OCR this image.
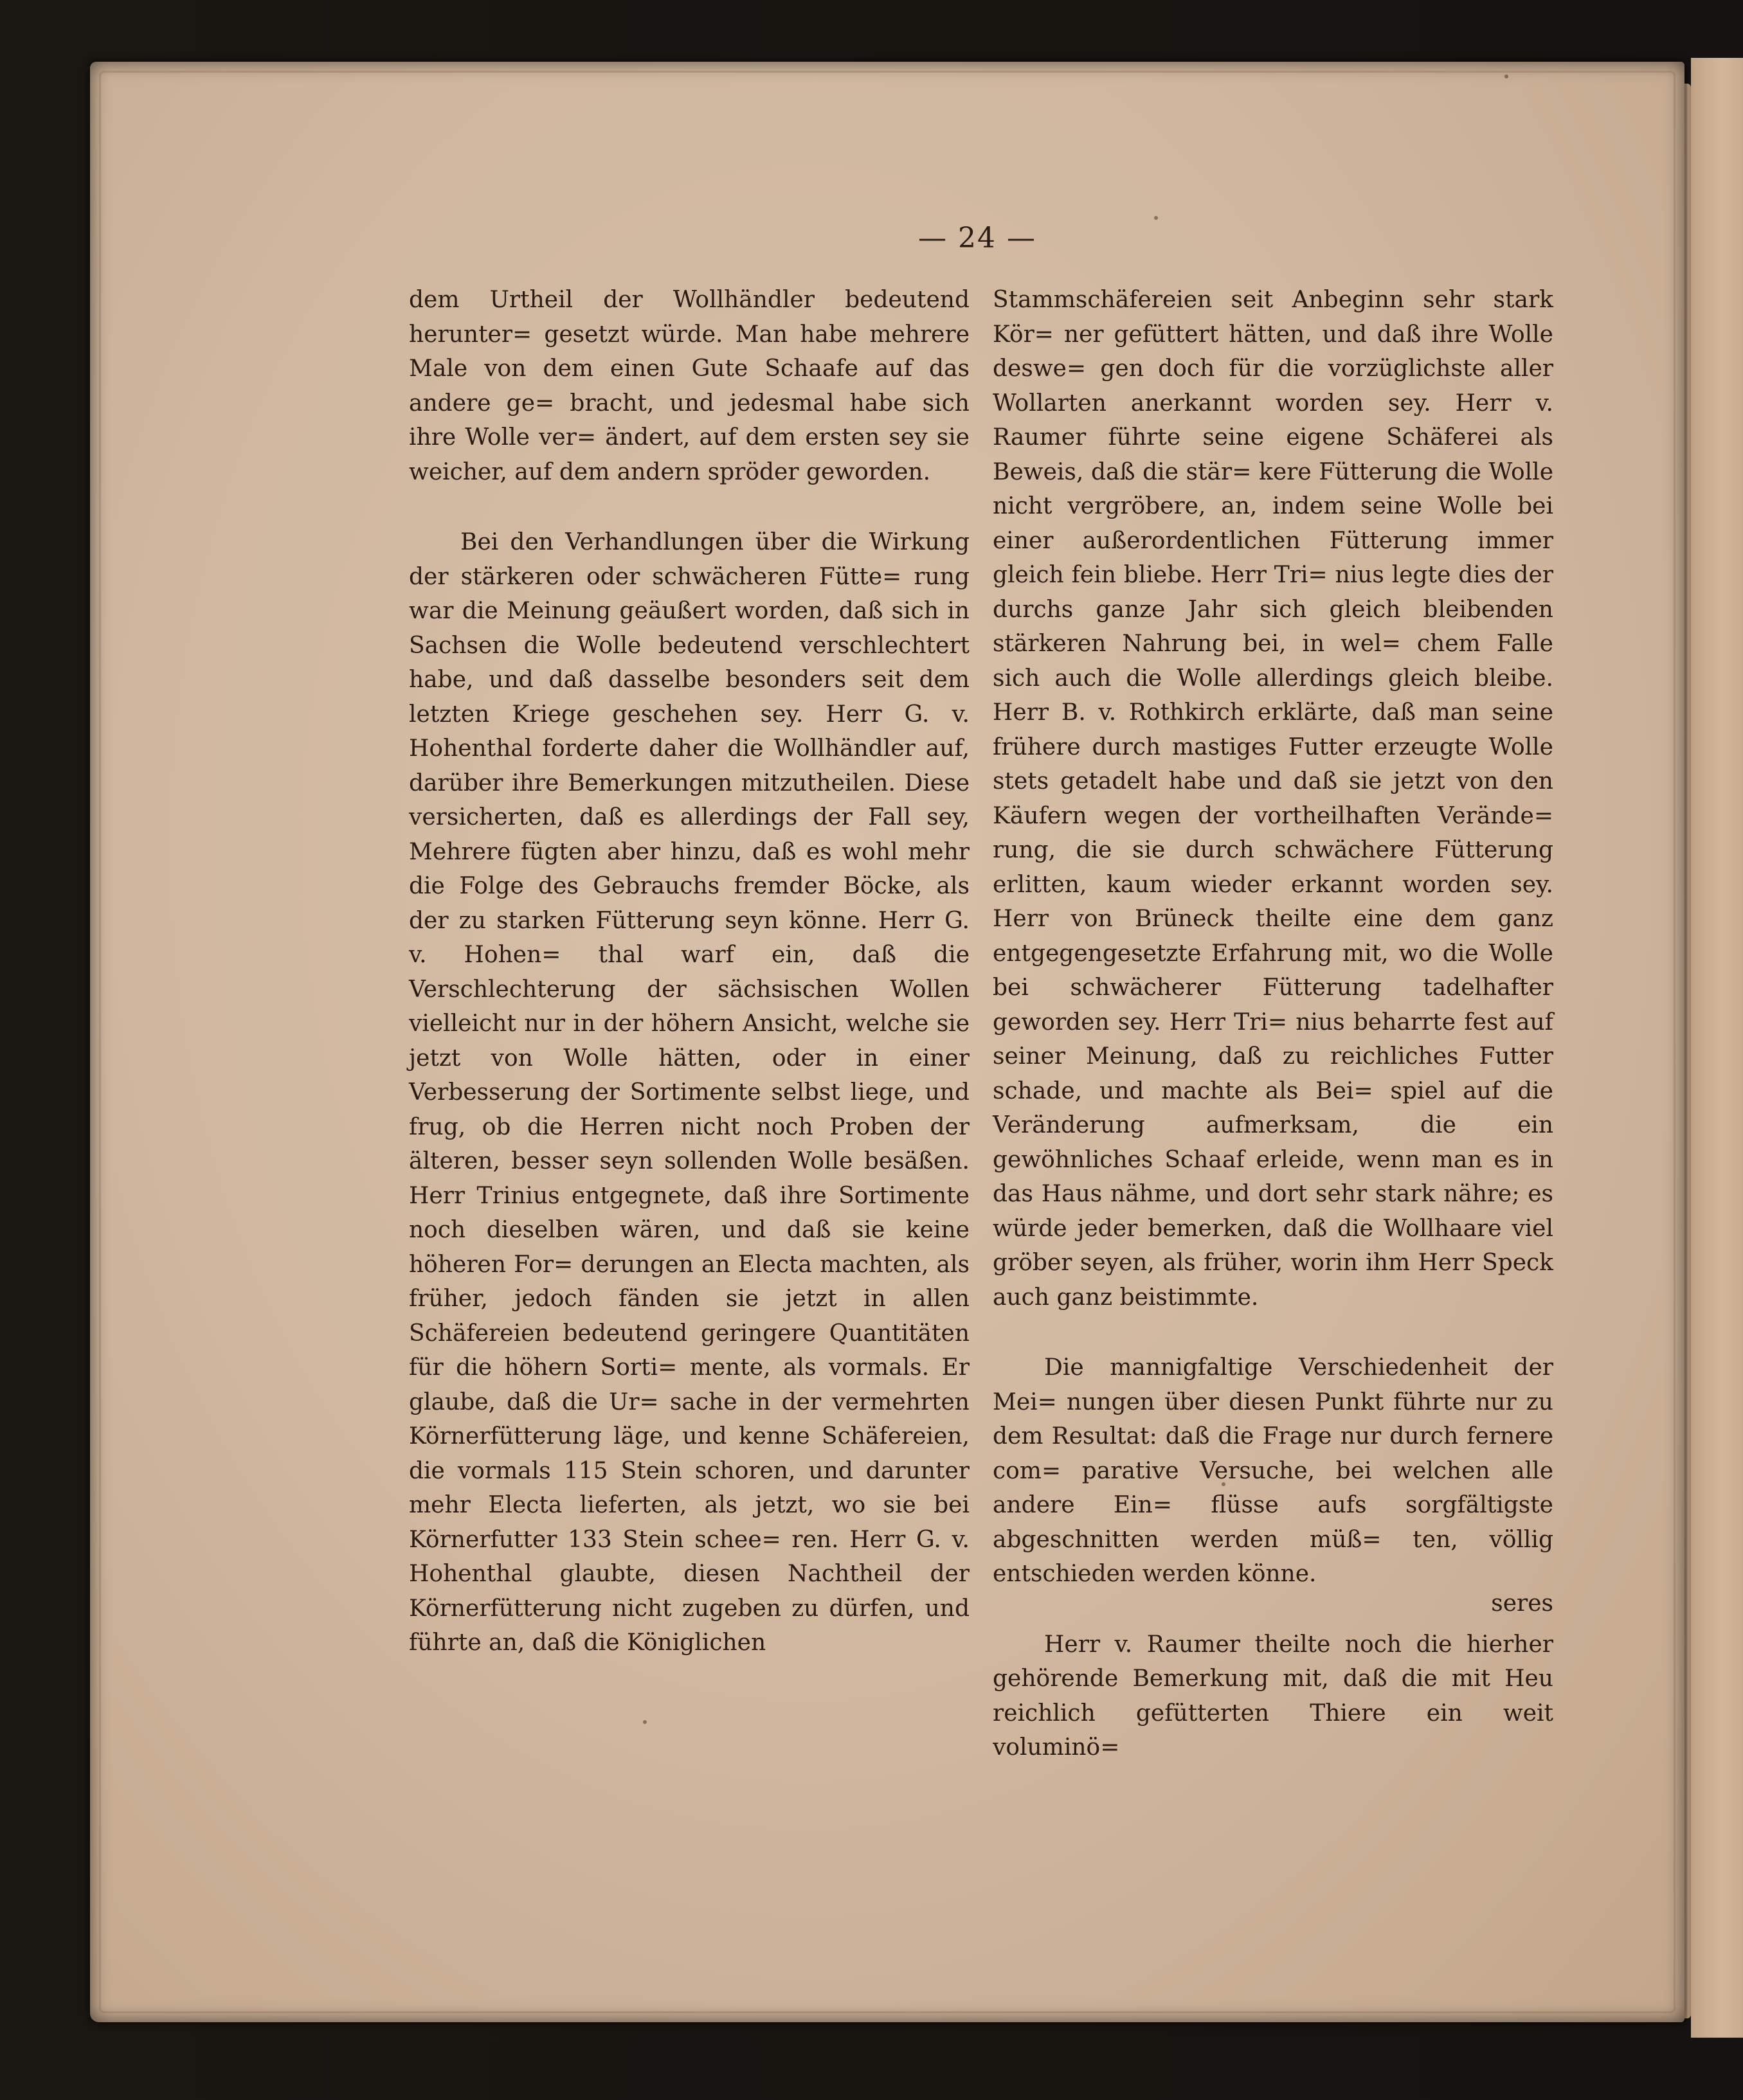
— 24 —

dem Urtheil der Wollhändler bedeutend herunter= gesetzt würde. Man habe mehrere Male von dem einen Gute Schaafe auf das andere ge= bracht, und jedesmal habe sich ihre Wolle ver= ändert, auf dem ersten sey sie weicher, auf dem andern spröder geworden.

Bei den Verhandlungen über die Wirkung der stärkeren oder schwächeren Fütte= rung war die Meinung geäußert worden, daß sich in Sachsen die Wolle bedeutend verschlechtert habe, und daß dasselbe besonders seit dem letzten Kriege geschehen sey. Herr G. v. Hohenthal forderte daher die Wollhändler auf, darüber ihre Bemerkungen mitzutheilen. Diese versicherten, daß es allerdings der Fall sey, Mehrere fügten aber hinzu, daß es wohl mehr die Folge des Gebrauchs fremder Böcke, als der zu starken Fütterung seyn könne. Herr G. v. Hohen= thal warf ein, daß die Verschlechterung der sächsischen Wollen vielleicht nur in der höhern Ansicht, welche sie jetzt von Wolle hätten, oder in einer Verbesserung der Sortimente selbst liege, und frug, ob die Herren nicht noch Proben der älteren, besser seyn sollenden Wolle besäßen. Herr Trinius entgegnete, daß ihre Sortimente noch dieselben wären, und daß sie keine höheren For= derungen an Electa machten, als früher, jedoch fänden sie jetzt in allen Schäfereien bedeutend geringere Quantitäten für die höhern Sorti= mente, als vormals. Er glaube, daß die Ur= sache in der vermehrten Körnerfütterung läge, und kenne Schäfereien, die vormals 115 Stein schoren, und darunter mehr Electa lieferten, als jetzt, wo sie bei Körnerfutter 133 Stein schee= ren. Herr G. v. Hohenthal glaubte, diesen Nachtheil der Körnerfütterung nicht zugeben zu dürfen, und führte an, daß die Königlichen

Stammschäfereien seit Anbeginn sehr stark Kör= ner gefüttert hätten, und daß ihre Wolle deswe= gen doch für die vorzüglichste aller Wollarten anerkannt worden sey. Herr v. Raumer führte seine eigene Schäferei als Beweis, daß die stär= kere Fütterung die Wolle nicht vergröbere, an, indem seine Wolle bei einer außerordentlichen Fütterung immer gleich fein bliebe. Herr Tri= nius legte dies der durchs ganze Jahr sich gleich bleibenden stärkeren Nahrung bei, in wel= chem Falle sich auch die Wolle allerdings gleich bleibe. Herr B. v. Rothkirch erklärte, daß man seine frühere durch mastiges Futter erzeugte Wolle stets getadelt habe und daß sie jetzt von den Käufern wegen der vortheilhaften Verände= rung, die sie durch schwächere Fütterung erlitten, kaum wieder erkannt worden sey. Herr von Brüneck theilte eine dem ganz entgegengesetzte Erfahrung mit, wo die Wolle bei schwächerer Fütterung tadelhafter geworden sey. Herr Tri= nius beharrte fest auf seiner Meinung, daß zu reichliches Futter schade, und machte als Bei= spiel auf die Veränderung aufmerksam, die ein gewöhnliches Schaaf erleide, wenn man es in das Haus nähme, und dort sehr stark nähre; es würde jeder bemerken, daß die Wollhaare viel gröber seyen, als früher, worin ihm Herr Speck auch ganz beistimmte.

Die mannigfaltige Verschiedenheit der Mei= nungen über diesen Punkt führte nur zu dem Resultat: daß die Frage nur durch fernere com= parative Versuche, bei welchen alle andere Ein= flüsse aufs sorgfältigste abgeschnitten werden müß= ten, völlig entschieden werden könne.

Herr v. Raumer theilte noch die hierher gehörende Bemerkung mit, daß die mit Heu reichlich gefütterten Thiere ein weit voluminö=

seres
